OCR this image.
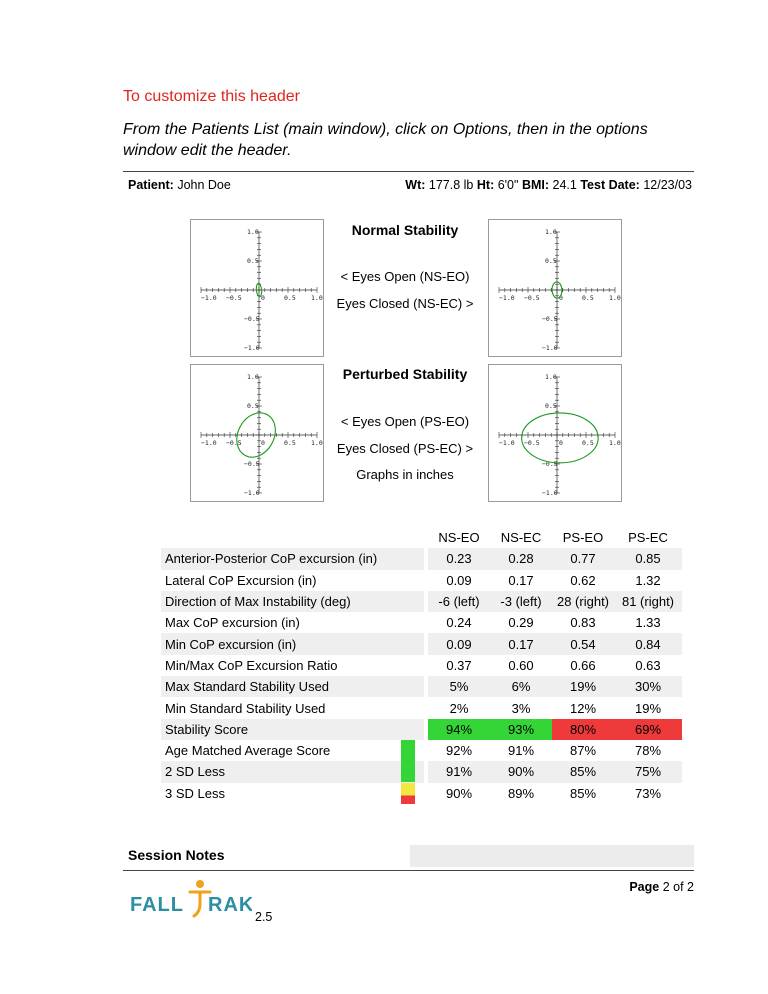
To customize this header
From the Patients List (main window), click on Options, then in the options window edit the header.
Patient: John Doe	Wt: 177.8 lb Ht: 6'0" BMI: 24.1 Test Date: 12/23/03
1.0
0.5
−0.5
−1.0
−1.0 −0.5	0	0.5 1.0
1.0
0.5
−0.5
−1.0
−1.0 −0.5	0	0.5 1.0
1.0
0.5
−0.5
−1.0
−1.0 −0.5	0	0.5 1.0
1.0
0.5
−0.5
−1.0
−1.0 −0.5	0	0.5 1.0
Normal Stability
< Eyes Open (NS-EO)
Eyes Closed (NS-EC) >
Perturbed Stability
< Eyes Open (PS-EO)
Eyes Closed (PS-EC) >
Graphs in inches
			NS-EO	NS-EC	PS-EO	PS-EC
Anterior-Posterior CoP excursion (in)			0.23	0.28	0.77	0.85
Lateral CoP Excursion (in)			0.09	0.17	0.62	1.32
Direction of Max Instability (deg)			-6 (left)	-3 (left)	28 (right)	81 (right)
Max CoP excursion (in)			0.24	0.29	0.83	1.33
Min CoP excursion (in)			0.09	0.17	0.54	0.84
Min/Max CoP Excursion Ratio			0.37	0.60	0.66	0.63
Max Standard Stability Used			5%	6%	19%	30%
Min Standard Stability Used			2%	3%	12%	19%
Stability Score			94%	93%	80%	69%
Age Matched Average Score			92%	91%	87%	78%
2 SD Less			91%	90%	85%	75%
3 SD Less			90%	89%	85%	73%
Session Notes
Page 2 of 2
FALL RAK
2.5
